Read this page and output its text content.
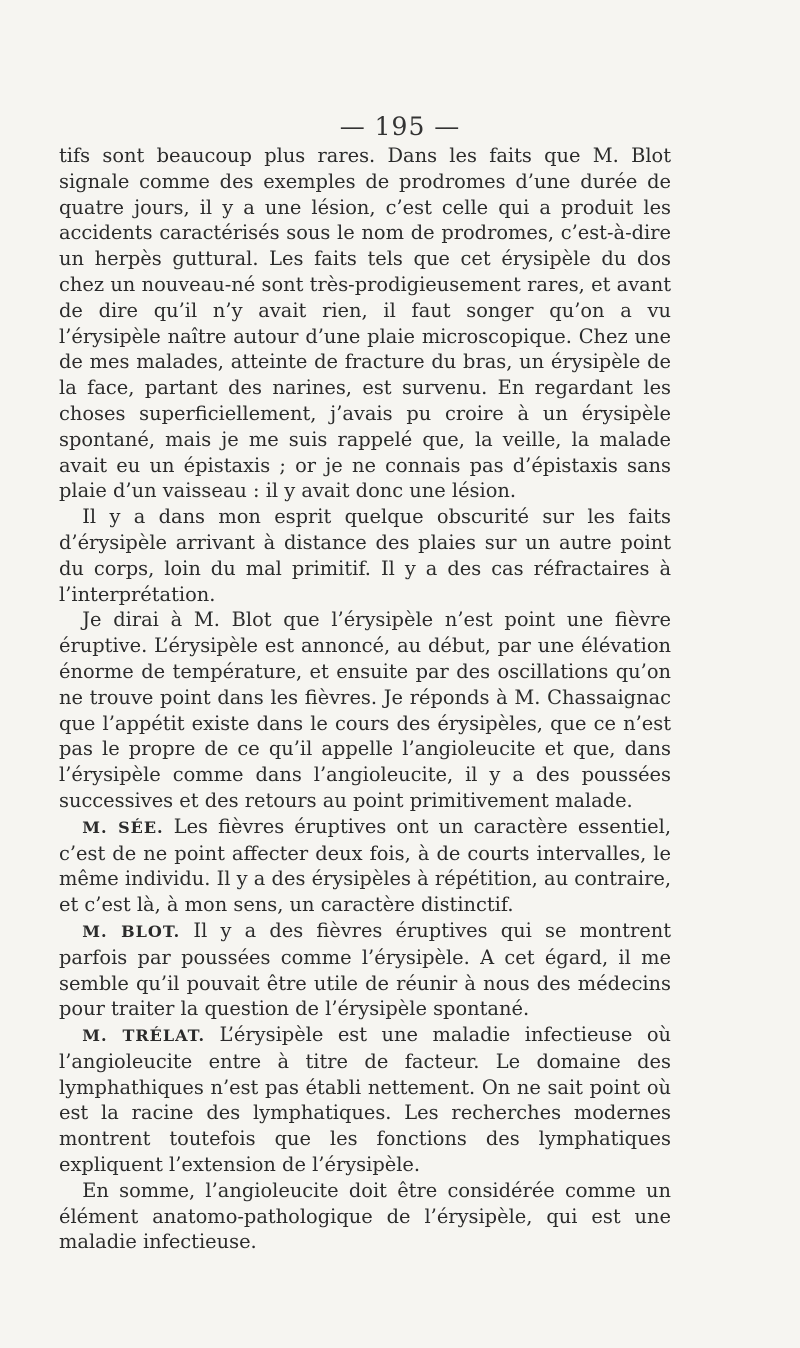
— 195 —

tifs sont beaucoup plus rares. Dans les faits que M. Blot signale comme des exemples de prodromes d’une durée de quatre jours, il y a une lésion, c’est celle qui a produit les accidents caractérisés sous le nom de prodromes, c’est-à-dire un herpès guttural. Les faits tels que cet érysipèle du dos chez un nouveau-né sont très-prodigieusement rares, et avant de dire qu’il n’y avait rien, il faut songer qu’on a vu l’érysipèle naître autour d’une plaie microscopique. Chez une de mes malades, atteinte de fracture du bras, un érysipèle de la face, partant des narines, est survenu. En regardant les choses superficiellement, j’avais pu croire à un érysipèle spontané, mais je me suis rappelé que, la veille, la malade avait eu un épistaxis ; or je ne connais pas d’épistaxis sans plaie d’un vaisseau : il y avait donc une lésion.

Il y a dans mon esprit quelque obscurité sur les faits d’érysipèle arrivant à distance des plaies sur un autre point du corps, loin du mal primitif. Il y a des cas réfractaires à l’interprétation.

Je dirai à M. Blot que l’érysipèle n’est point une fièvre éruptive. L’érysipèle est annoncé, au début, par une élévation énorme de température, et ensuite par des oscillations qu’on ne trouve point dans les fièvres. Je réponds à M. Chassaignac que l’appétit existe dans le cours des érysipèles, que ce n’est pas le propre de ce qu’il appelle l’angioleucite et que, dans l’érysipèle comme dans l’angioleucite, il y a des poussées successives et des retours au point primitivement malade.

M. SÉE. Les fièvres éruptives ont un caractère essentiel, c’est de ne point affecter deux fois, à de courts intervalles, le même individu. Il y a des érysipèles à répétition, au contraire, et c’est là, à mon sens, un caractère distinctif.

M. BLOT. Il y a des fièvres éruptives qui se montrent parfois par poussées comme l’érysipèle. A cet égard, il me semble qu’il pouvait être utile de réunir à nous des médecins pour traiter la question de l’érysipèle spontané.

M. TRÉLAT. L’érysipèle est une maladie infectieuse où l’angioleucite entre à titre de facteur. Le domaine des lymphathiques n’est pas établi nettement. On ne sait point où est la racine des lymphatiques. Les recherches modernes montrent toutefois que les fonctions des lymphatiques expliquent l’extension de l’érysipèle.

En somme, l’angioleucite doit être considérée comme un élément anatomo-pathologique de l’érysipèle, qui est une maladie infectieuse.
